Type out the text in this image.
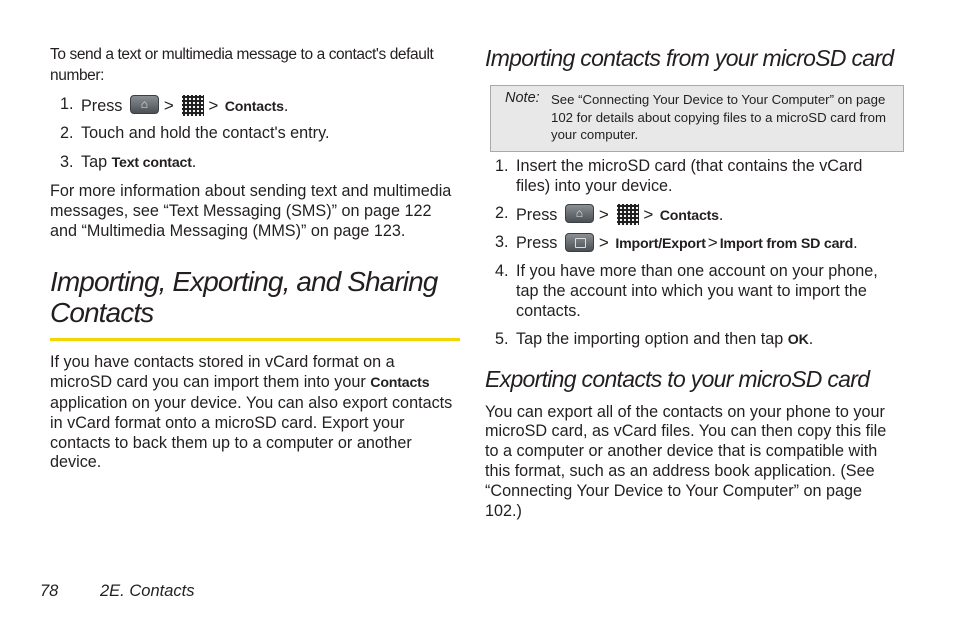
To send a text or multimedia message to a contact's default number:

1. Press ⌂ > > Contacts.
2. Touch and hold the contact's entry.
3. Tap Text contact.

For more information about sending text and multimedia messages, see “Text Messaging (SMS)” on page 122 and “Multimedia Messaging (MMS)” on page 123.

Importing, Exporting, and Sharing Contacts

If you have contacts stored in vCard format on a microSD card you can import them into your Contacts application on your device. You can also export contacts in vCard format onto a microSD card. Export your contacts to back them up to a computer or another device.

Importing contacts from your microSD card
Note: See “Connecting Your Device to Your Computer” on page 102 for details about copying files to a microSD card from your computer.
1. Insert the microSD card (that contains the vCard files) into your device.
2. Press ⌂ > > Contacts.
3. Press > Import/Export > Import from SD card.
4. If you have more than one account on your phone, tap the account into which you want to import the contacts.
5. Tap the importing option and then tap OK.
Exporting contacts to your microSD card

You can export all of the contacts on your phone to your microSD card, as vCard files. You can then copy this file to a computer or another device that is compatible with this format, such as an address book application. (See “Connecting Your Device to Your Computer” on page 102.)

78	2E. Contacts
